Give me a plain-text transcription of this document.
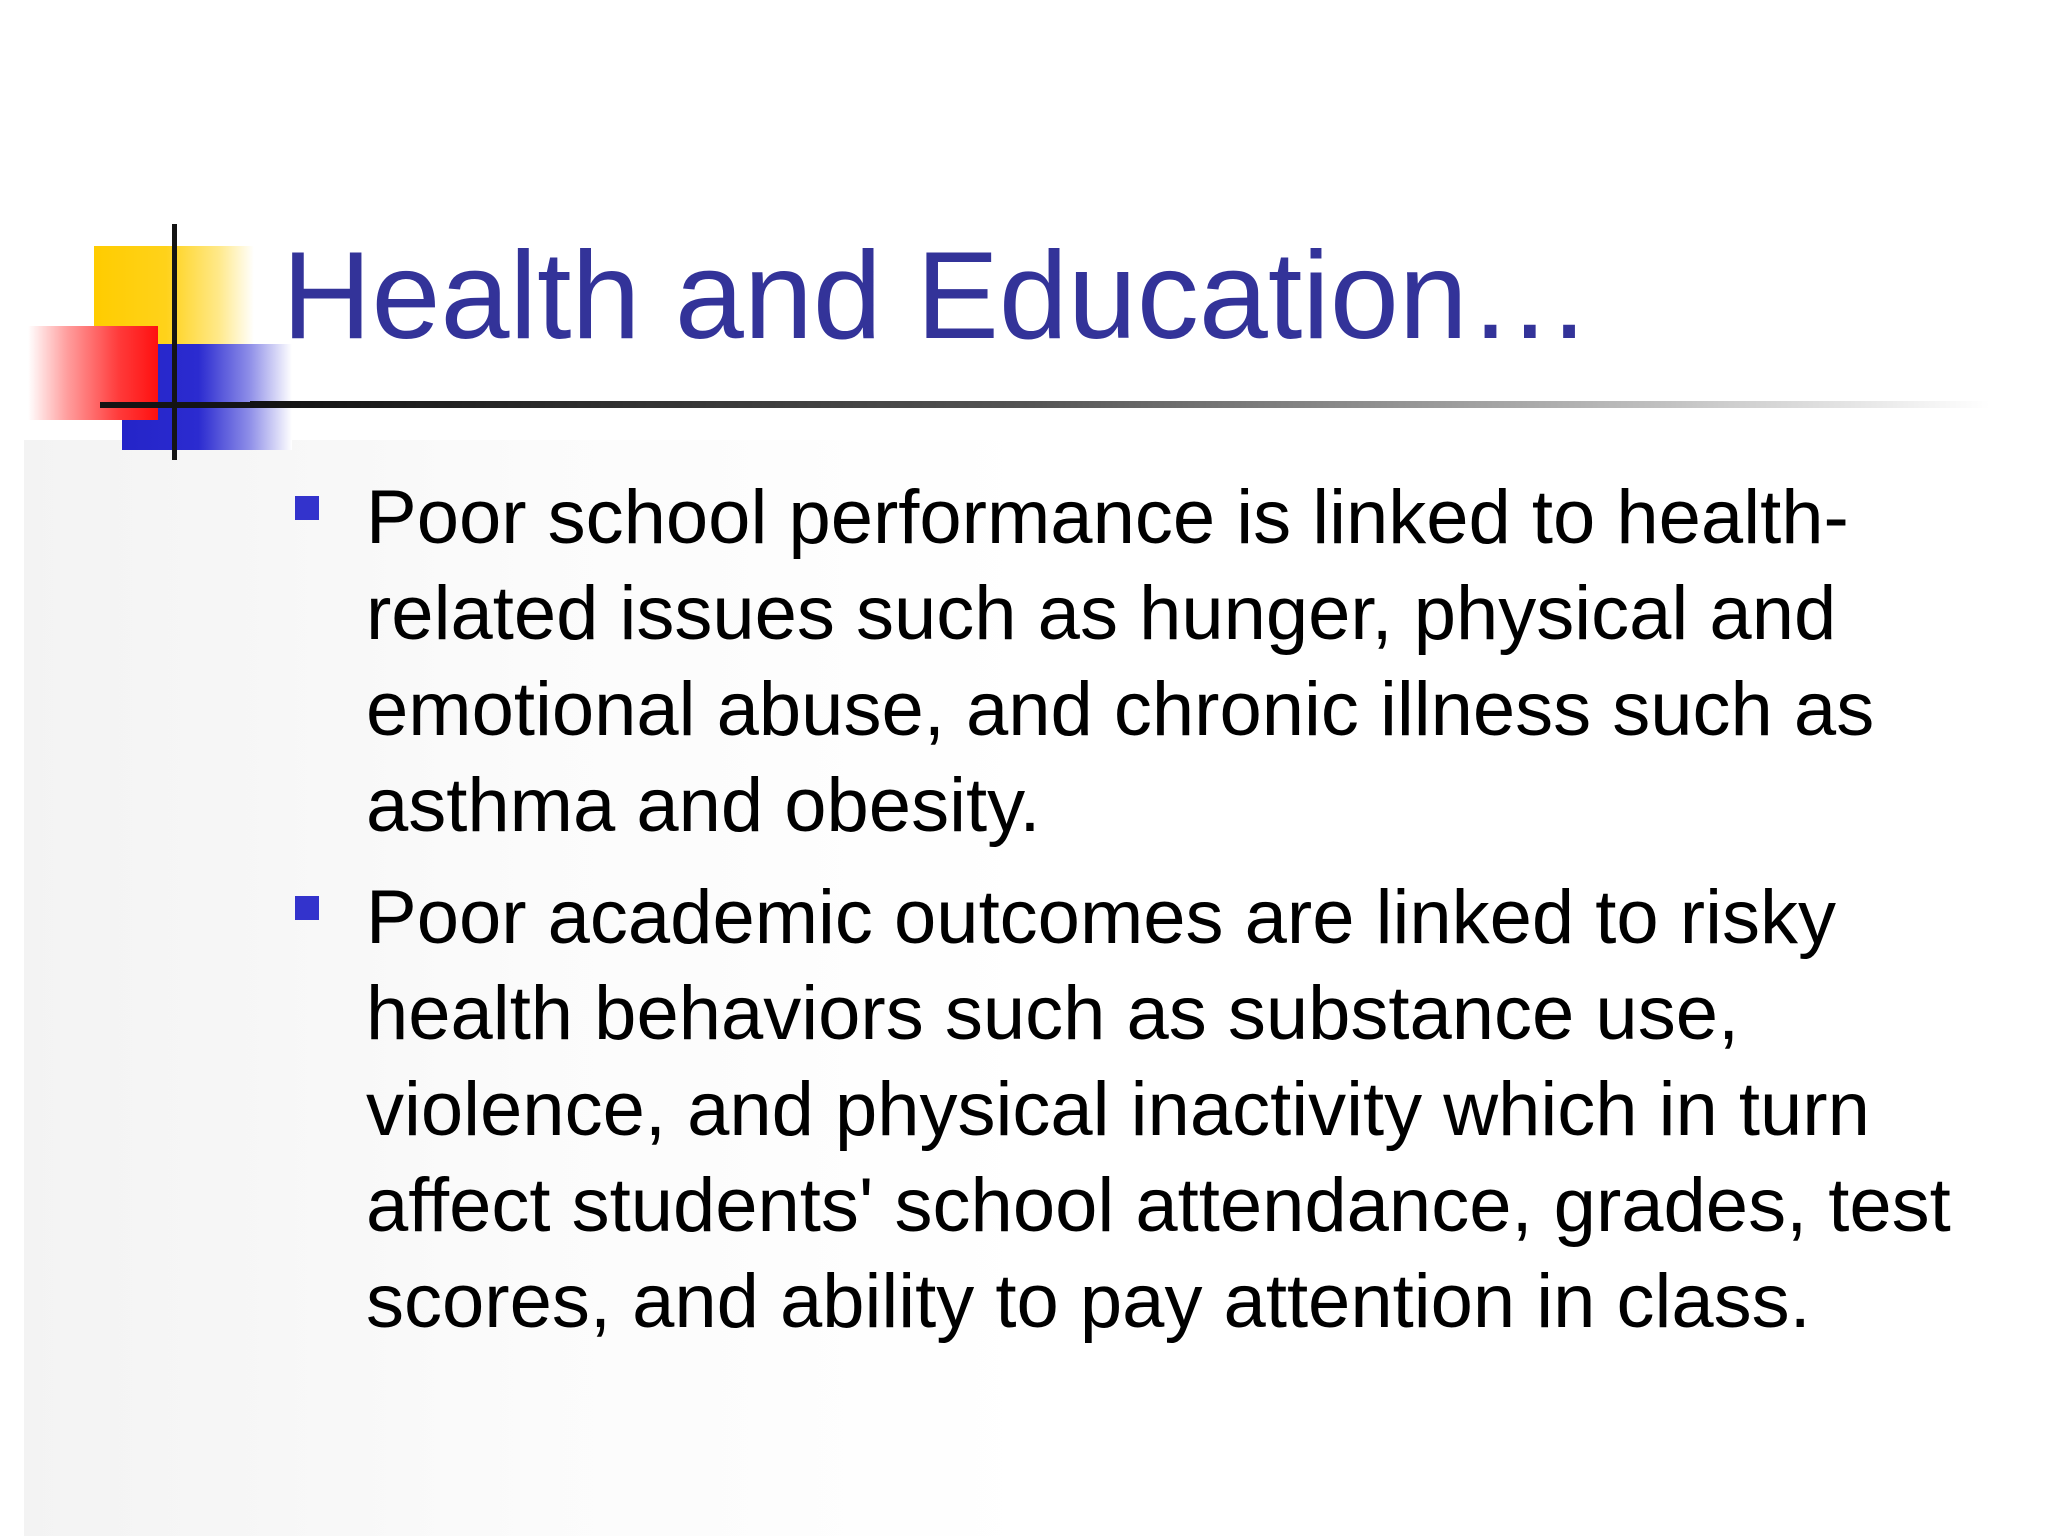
Health and Education…
Poor school performance is linked to health-related issues such as hunger, physical and emotional abuse, and chronic illness such as asthma and obesity.
Poor academic outcomes are linked to risky health behaviors such as substance use, violence, and physical inactivity which in turn affect students' school attendance, grades, test scores, and ability to pay attention in class.
